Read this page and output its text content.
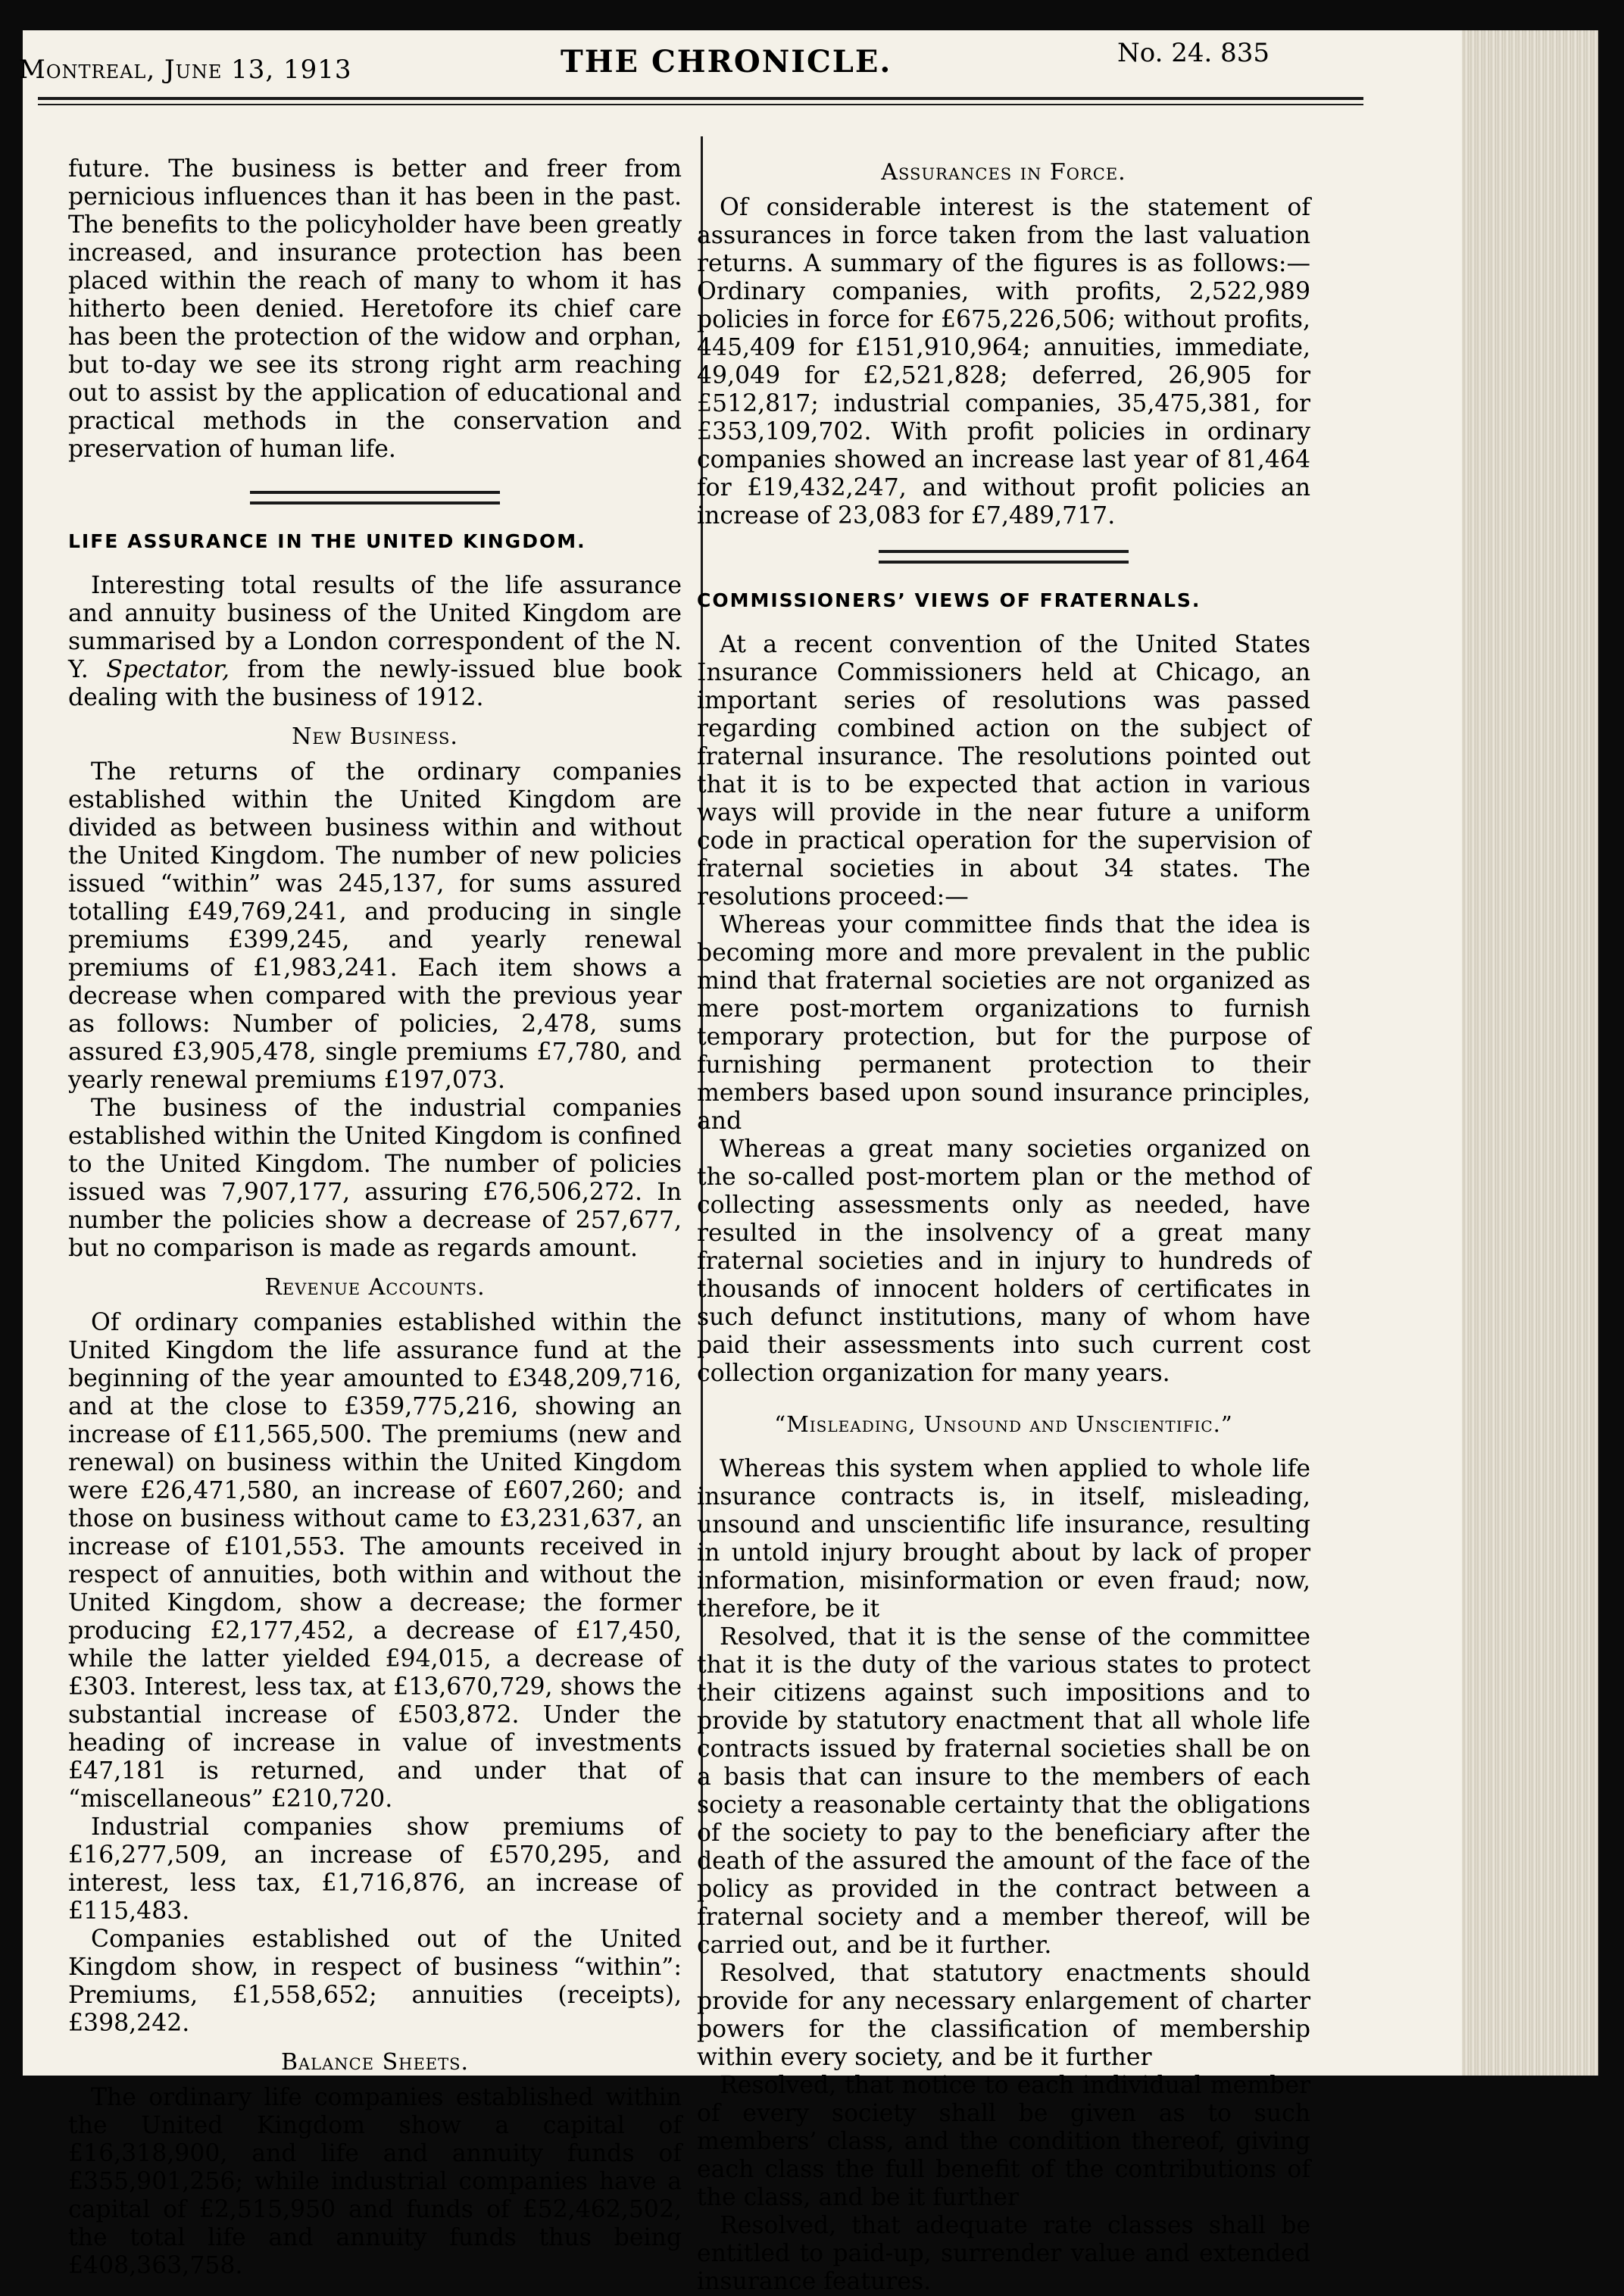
Montreal, June 13, 1913	THE CHRONICLE.	No. 24. 835

future. The business is better and freer from pernicious influences than it has been in the past. The benefits to the policyholder have been greatly increased, and insurance protection has been placed within the reach of many to whom it has hitherto been denied. Heretofore its chief care has been the protection of the widow and orphan, but to-day we see its strong right arm reaching out to assist by the application of educational and practical methods in the conservation and preservation of human life.

LIFE ASSURANCE IN THE UNITED KINGDOM.

Interesting total results of the life assurance and annuity business of the United Kingdom are summarised by a London correspondent of the N. Y. Spectator, from the newly-issued blue book dealing with the business of 1912.

New Business.

The returns of the ordinary companies established within the United Kingdom are divided as between business within and without the United Kingdom. The number of new policies issued “within” was 245,137, for sums assured totalling £49,769,241, and producing in single premiums £399,245, and yearly renewal premiums of £1,983,241. Each item shows a decrease when compared with the previous year as follows: Number of policies, 2,478, sums assured £3,905,478, single premiums £7,780, and yearly renewal premiums £197,073.

The business of the industrial companies established within the United Kingdom is confined to the United Kingdom. The number of policies issued was 7,907,177, assuring £76,506,272. In number the policies show a decrease of 257,677, but no comparison is made as regards amount.

Revenue Accounts.

Of ordinary companies established within the United Kingdom the life assurance fund at the beginning of the year amounted to £348,209,716, and at the close to £359,775,216, showing an increase of £11,565,500. The premiums (new and renewal) on business within the United Kingdom were £26,471,580, an increase of £607,260; and those on business without came to £3,231,637, an increase of £101,553. The amounts received in respect of annuities, both within and without the United Kingdom, show a decrease; the former producing £2,177,452, a decrease of £17,450, while the latter yielded £94,015, a decrease of £303. Interest, less tax, at £13,670,729, shows the substantial increase of £503,872. Under the heading of increase in value of investments £47,181 is returned, and under that of “miscellaneous” £210,720.

Industrial companies show premiums of £16,277,509, an increase of £570,295, and interest, less tax, £1,716,876, an increase of £115,483.

Companies established out of the United Kingdom show, in respect of business “within”: Premiums, £1,558,652; annuities (receipts), £398,242.

Balance Sheets.

The ordinary life companies established within the United Kingdom show a capital of £16,318,900, and life and annuity funds of £355,901,256; while industrial companies have a capital of £2,515,950 and funds of £52,462,502, the total life and annuity funds thus being £408,363,758.

Assurances in Force.

Of considerable interest is the statement of assurances in force taken from the last valuation returns. A summary of the figures is as follows:—Ordinary companies, with profits, 2,522,989 policies in force for £675,226,506; without profits, 445,409 for £151,910,964; annuities, immediate, 49,049 for £2,521,828; deferred, 26,905 for £512,817; industrial companies, 35,475,381, for £353,109,702. With profit policies in ordinary companies showed an increase last year of 81,464 for £19,432,247, and without profit policies an increase of 23,083 for £7,489,717.

COMMISSIONERS’ VIEWS OF FRATERNALS.

At a recent convention of the United States Insurance Commissioners held at Chicago, an important series of resolutions was passed regarding combined action on the subject of fraternal insurance. The resolutions pointed out that it is to be expected that action in various ways will provide in the near future a uniform code in practical operation for the supervision of fraternal societies in about 34 states. The resolutions proceed:—

Whereas your committee finds that the idea is becoming more and more prevalent in the public mind that fraternal societies are not organized as mere post-mortem organizations to furnish temporary protection, but for the purpose of furnishing permanent protection to their members based upon sound insurance principles, and

Whereas a great many societies organized on the so-called post-mortem plan or the method of collecting assessments only as needed, have resulted in the insolvency of a great many fraternal societies and in injury to hundreds of thousands of innocent holders of certificates in such defunct institutions, many of whom have paid their assessments into such current cost collection organization for many years.

“Misleading, Unsound and Unscientific.”

Whereas this system when applied to whole life insurance contracts is, in itself, misleading, unsound and unscientific life insurance, resulting in untold injury brought about by lack of proper information, misinformation or even fraud; now, therefore, be it

Resolved, that it is the sense of the committee that it is the duty of the various states to protect their citizens against such impositions and to provide by statutory enactment that all whole life contracts issued by fraternal societies shall be on a basis that can insure to the members of each society a reasonable certainty that the obligations of the society to pay to the beneficiary after the death of the assured the amount of the face of the policy as provided in the contract between a fraternal society and a member thereof, will be carried out, and be it further.

Resolved, that statutory enactments should provide for any necessary enlargement of charter powers for the classification of membership within every society, and be it further

Resolved, that notice to each individual member of every society shall be given as to such members’ class, and the condition thereof, giving each class the full benefit of the contributions of the class, and be it further

Resolved, that adequate rate classes shall be entitled to paid-up, surrender value and extended insurance features.
